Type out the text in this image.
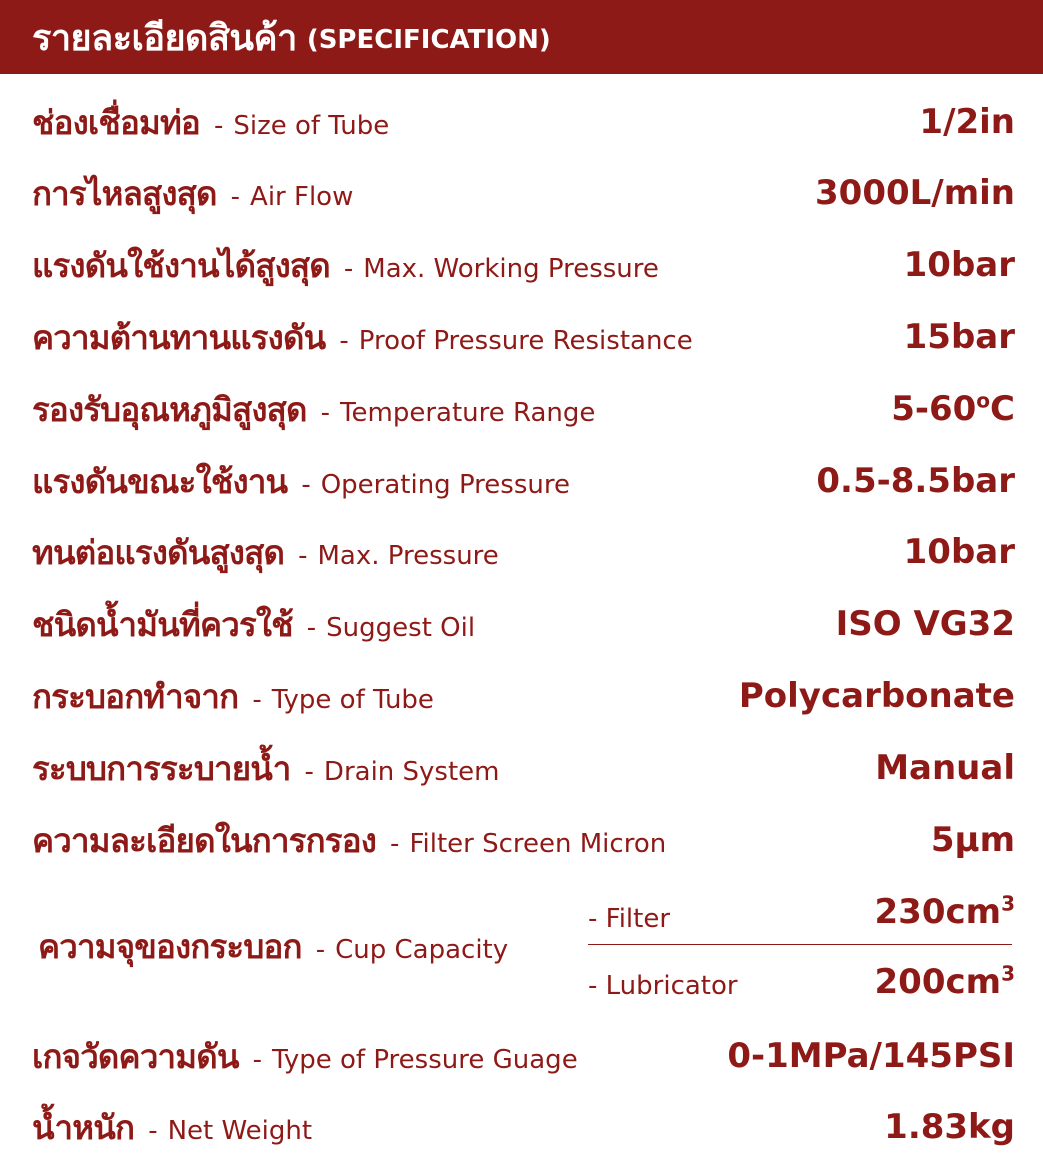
รายละเอียดสินค้า (SPECIFICATION)
ช่องเชื่อมท่อ - Size of Tube	1/2in
การไหลสูงสุด - Air Flow	3000L/min
แรงดันใช้งานได้สูงสุด - Max. Working Pressure	10bar
ความต้านทานแรงดัน - Proof Pressure Resistance	15bar
รองรับอุณหภูมิสูงสุด - Temperature Range	5-60$^o$C
แรงดันขณะใช้งาน - Operating Pressure	0.5-8.5bar
ทนต่อแรงดันสูงสุด - Max. Pressure	10bar
ชนิดน้ำมันที่ควรใช้ - Suggest Oil	ISO VG32
กระบอกทำจาก - Type of Tube	Polycarbonate
ระบบการระบายน้ำ - Drain System	Manual
ความละเอียดในการกรอง - Filter Screen Micron	5μm
ความจุของกระบอก - Cup Capacity
- Filter	$230cm^3$
- Lubricator	$200cm^3$
เกจวัดความดัน - Type of Pressure Guage	0-1MPa/145PSI
น้ำหนัก - Net Weight	1.83kg
